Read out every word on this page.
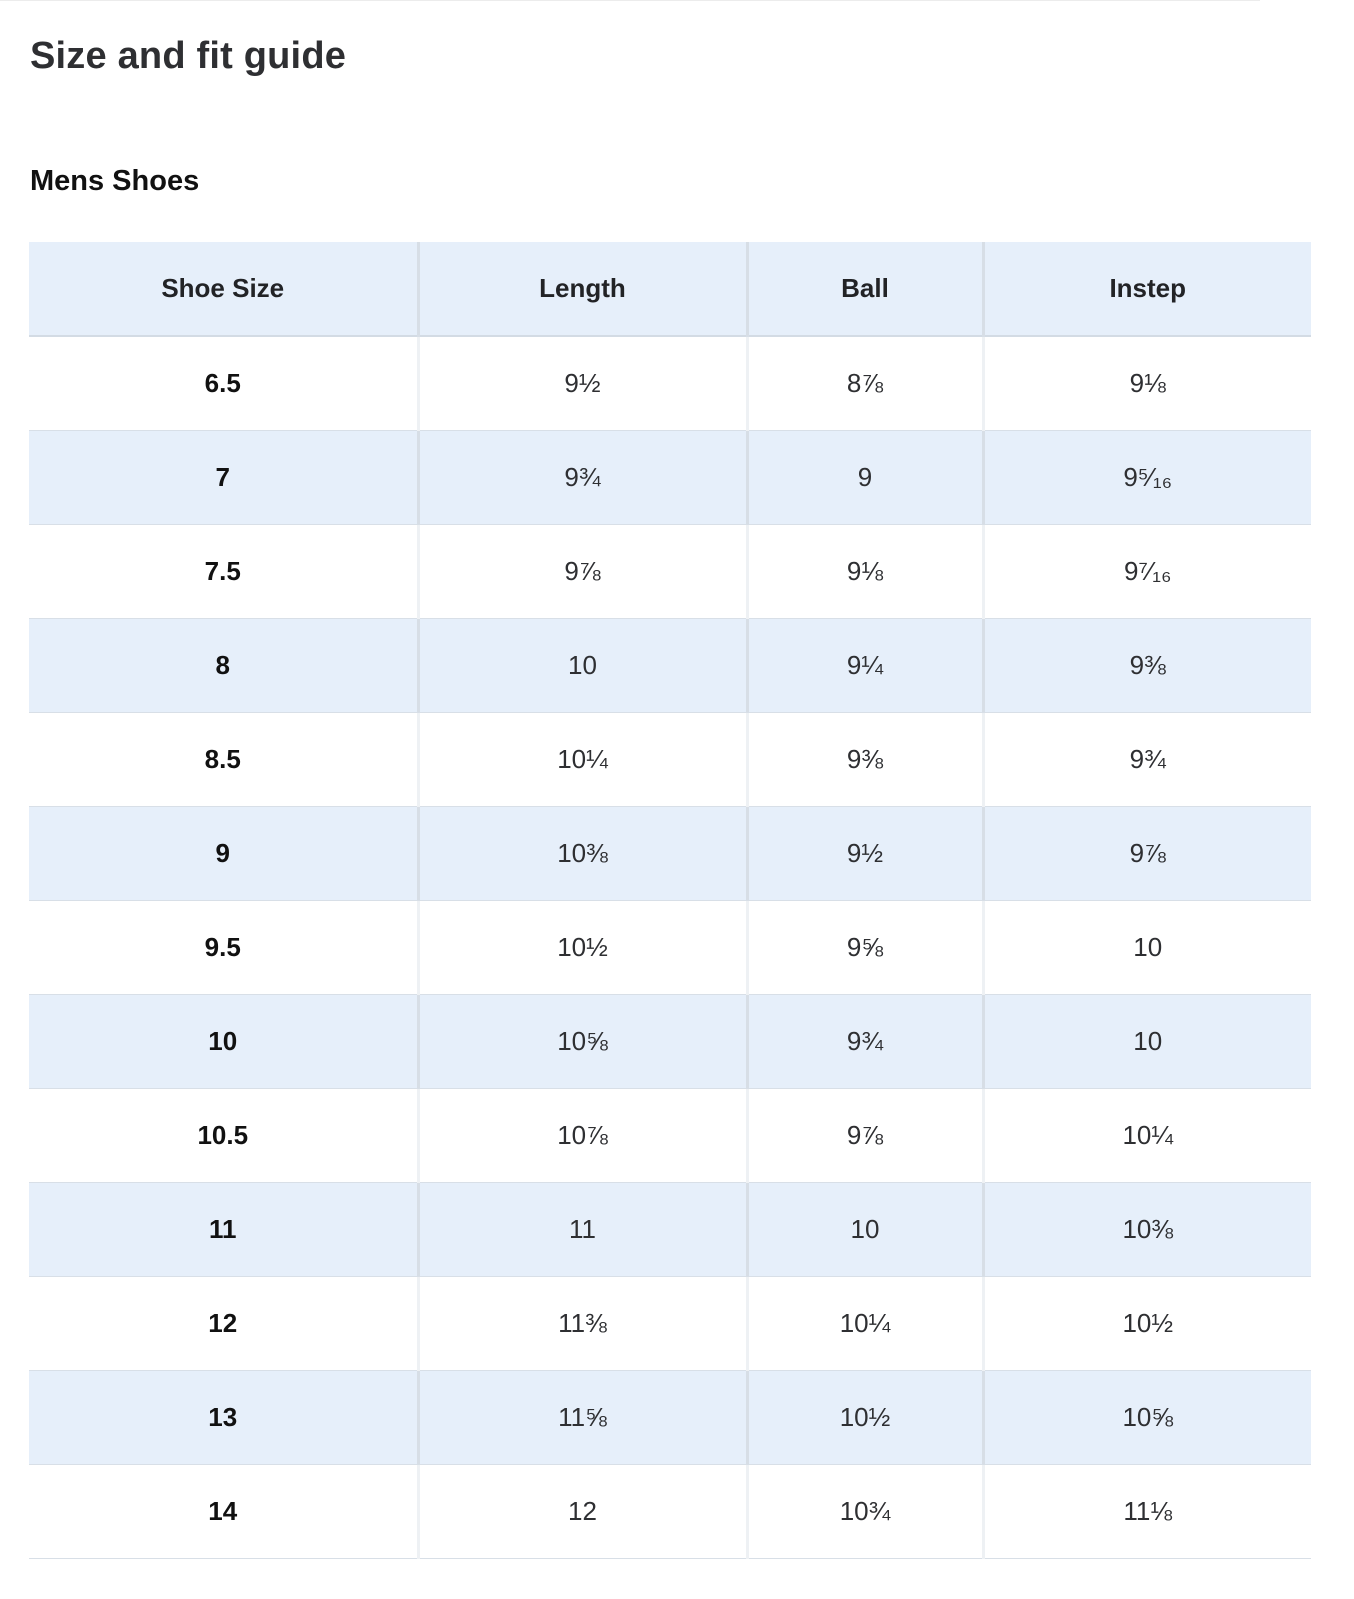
Size and fit guide
Mens Shoes
Shoe Size	Length	Ball	Instep
6.5	9½	8⅞	9⅛
7	9¾	9	9⁵⁄₁₆
7.5	9⅞	9⅛	9⁷⁄₁₆
8	10	9¼	9⅜
8.5	10¼	9⅜	9¾
9	10⅜	9½	9⅞
9.5	10½	9⅝	10
10	10⅝	9¾	10
10.5	10⅞	9⅞	10¼
11	11	10	10⅜
12	11⅜	10¼	10½
13	11⅝	10½	10⅝
14	12	10¾	11⅛
